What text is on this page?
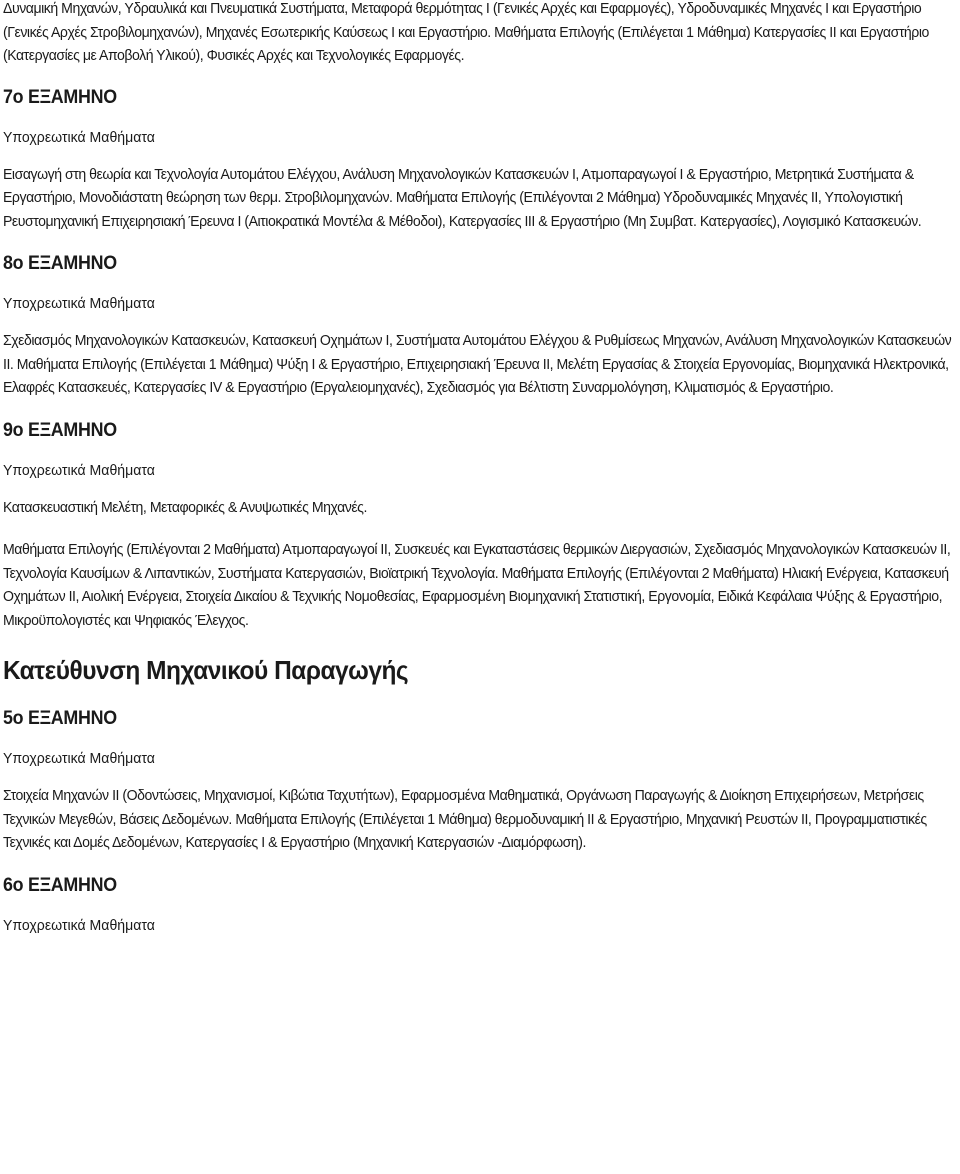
Δυναμική Μηχανών, Υδραυλικά και Πνευματικά Συστήματα, Μεταφορά θερμότητας Ι (Γενικές Αρχές και Εφαρμογές), Υδροδυναμικές Μηχανές Ι και Εργαστήριο (Γενικές Αρχές Στροβιλομηχανών), Μηχανές Εσωτερικής Καύσεως Ι και Εργαστήριο. Μαθήματα Επιλογής (Επιλέγεται 1 Μάθημα) Κατεργασίες ΙΙ και Εργαστήριο (Κατεργασίες με Αποβολή Υλικού), Φυσικές Αρχές και Τεχνολογικές Εφαρμογές.

7ο ΕΞΑΜΗΝΟ

Υποχρεωτικά Μαθήματα

Εισαγωγή στη θεωρία και Τεχνολογία Αυτομάτου Ελέγχου, Ανάλυση Μηχανολογικών Κατασκευών Ι, Ατμοπαραγωγοί Ι & Εργαστήριο, Μετρητικά Συστήματα & Εργαστήριο, Μονοδιάστατη θεώρηση των θερμ. Στροβιλομηχανών. Μαθήματα Επιλογής (Επιλέγονται 2 Μάθημα) Υδροδυναμικές Μηχανές ΙΙ, Υπολογιστική Ρευστομηχανική Επιχειρησιακή Έρευνα Ι (Αιτιοκρατικά Μοντέλα & Μέθοδοι), Κατεργασίες ΙΙΙ & Εργαστήριο (Μη Συμβατ. Κατεργασίες), Λογισμικό Κατασκευών.

8ο ΕΞΑΜΗΝΟ

Υποχρεωτικά Μαθήματα

Σχεδιασμός Μηχανολογικών Κατασκευών, Κατασκευή Οχημάτων Ι, Συστήματα Αυτομάτου Ελέγχου & Ρυθμίσεως Μηχανών, Ανάλυση Μηχανολογικών Κατασκευών ΙΙ. Μαθήματα Επιλογής (Επιλέγεται 1 Μάθημα) Ψύξη Ι & Εργαστήριο, Επιχειρησιακή Έρευνα ΙΙ, Μελέτη Εργασίας & Στοιχεία Εργονομίας, Βιομηχανικά Ηλεκτρονικά, Ελαφρές Κατασκευές, Κατεργασίες IV & Εργαστήριο (Εργαλειομηχανές), Σχεδιασμός για Βέλτιστη Συναρμολόγηση, Κλιματισμός & Εργαστήριο.

9ο ΕΞΑΜΗΝΟ

Υποχρεωτικά Μαθήματα

Κατασκευαστική Μελέτη, Μεταφορικές & Ανυψωτικές Μηχανές.

Μαθήματα Επιλογής (Επιλέγονται 2 Μαθήματα) Ατμοπαραγωγοί ΙΙ, Συσκευές και Εγκαταστάσεις θερμικών Διεργασιών, Σχεδιασμός Μηχανολογικών Κατασκευών ΙΙ, Τεχνολογία Καυσίμων & Λιπαντικών, Συστήματα Κατεργασιών, Βιοϊατρική Τεχνολογία. Μαθήματα Επιλογής (Επιλέγονται 2 Μαθήματα) Ηλιακή Ενέργεια, Κατασκευή Οχημάτων ΙΙ, Αιολική Ενέργεια, Στοιχεία Δικαίου & Τεχνικής Νομοθεσίας, Εφαρμοσμένη Βιομηχανική Στατιστική, Εργονομία, Ειδικά Κεφάλαια Ψύξης & Εργαστήριο, Μικροϋπολογιστές και Ψηφιακός Έλεγχος.

Κατεύθυνση Μηχανικού Παραγωγής

5ο ΕΞΑΜΗΝΟ

Υποχρεωτικά Μαθήματα

Στοιχεία Μηχανών ΙΙ (Οδοντώσεις, Μηχανισμοί, Κιβώτια Ταχυτήτων), Εφαρμοσμένα Μαθηματικά, Οργάνωση Παραγωγής & Διοίκηση Επιχειρήσεων, Μετρήσεις Τεχνικών Μεγεθών, Βάσεις Δεδομένων. Μαθήματα Επιλογής (Επιλέγεται 1 Μάθημα) θερμοδυναμική ΙΙ & Εργαστήριο, Μηχανική Ρευστών ΙΙ, Προγραμματιστικές Τεχνικές και Δομές Δεδομένων, Κατεργασίες Ι & Εργαστήριο (Μηχανική Κατεργασιών -Διαμόρφωση).

6ο ΕΞΑΜΗΝΟ

Υποχρεωτικά Μαθήματα
